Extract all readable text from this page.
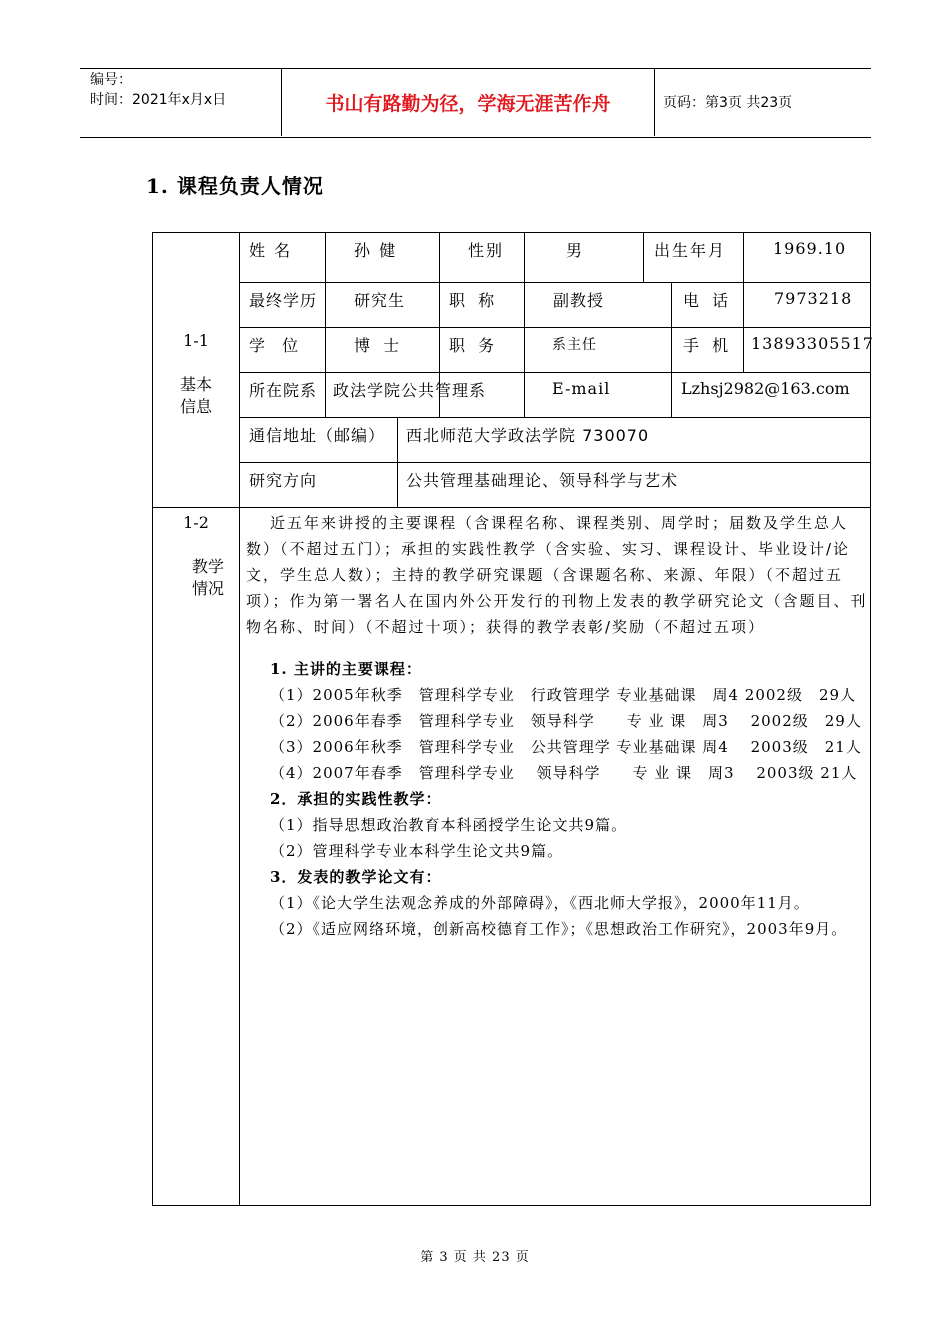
编号：
时间：2021年x月x日	书山有路勤为径，学海无涯苦作舟	页码：第3页 共23页
1. 课程负责人情况
1-1
基本
信息
姓 名	孙 健	性别	男	出生年月	1969.10
最终学历 研究生	职 称	副教授	电 话	7973218
学 位	博 士	职 务	系主任	手 机 13893305517
所在院系 政法学院公共管理系	E-mail	Lzhsj2982@163.com
通信地址（邮编） 西北师范大学政法学院 730070
研究方向	公共管理基础理论、领导科学与艺术
1-2
教学
情况

近五年来讲授的主要课程（含课程名称、课程类别、周学时；届数及学生总人数）（不超过五门）；承担的实践性教学（含实验、实习、课程设计、毕业设计/论文，学生总人数）；主持的教学研究课题（含课题名称、来源、年限）（不超过五项）；作为第一署名人在国内外公开发行的刊物上发表的教学研究论文（含题目、刊物名称、时间）（不超过十项）；获得的教学表彰/奖励（不超过五项）

1. 主讲的主要课程：

（1）2005年秋季　管理科学专业　行政管理学 专业基础课　周4 2002级　29人

（2）2006年春季　管理科学专业　领导科学　　专 业 课　周3　 2002级　29人

（3）2006年秋季　管理科学专业　公共管理学 专业基础课 周4　 2003级　21人

（4）2007年春季　管理科学专业　 领导科学　　专 业 课　周3　 2003级 21人

2．承担的实践性教学：

（1）指导思想政治教育本科函授学生论文共9篇。

（2）管理科学专业本科学生论文共9篇。

3．发表的教学论文有：

（1）《论大学生法观念养成的外部障碍》，《西北师大学报》，2000年11月。

（2）《适应网络环境，创新高校德育工作》；《思想政治工作研究》，2003年9月。

第 3 页 共 23 页
